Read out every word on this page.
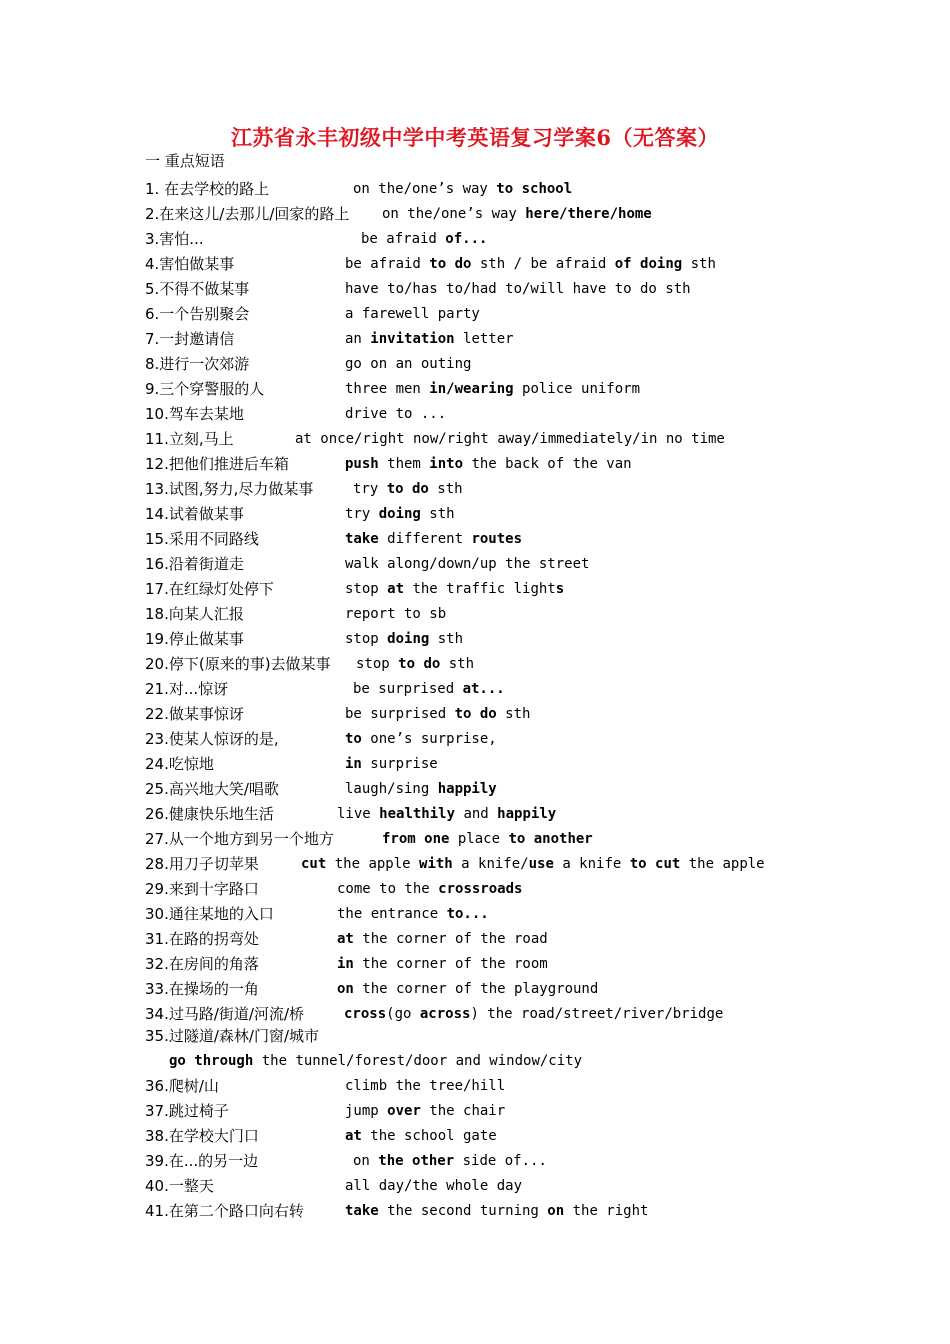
江苏省永丰初级中学中考英语复习学案6（无答案）
一 重点短语
1. 在去学校的路上	on the/one’s way to school
2.在来这儿/去那儿/回家的路上 on the/one’s way here/there/home
3.害怕...	be afraid of...
4.害怕做某事	be afraid to do sth / be afraid of doing sth
5.不得不做某事	have to/has to/had to/will have to do sth
6.一个告别聚会	a farewell party
7.一封邀请信	an invitation letter
8.进行一次郊游	go on an outing
9.三个穿警服的人	three men in/wearing police uniform
10.驾车去某地	drive to ...
11.立刻,马上	at once/right now/right away/immediately/in no time
12.把他们推进后车箱	push them into the back of the van
13.试图,努力,尽力做某事	try to do sth
14.试着做某事	try doing sth
15.采用不同路线	take different routes
16.沿着街道走	walk along/down/up the street
17.在红绿灯处停下	stop at the traffic lights
18.向某人汇报	report to sb
19.停止做某事	stop doing sth
20.停下(原来的事)去做某事 stop to do sth
21.对...惊讶	be surprised at...
22.做某事惊讶	be surprised to do sth
23.使某人惊讶的是,	to one’s surprise,
24.吃惊地	in surprise
25.高兴地大笑/唱歌	laugh/sing happily
26.健康快乐地生活	live healthily and happily
27.从一个地方到另一个地方	from one place to another
28.用刀子切苹果	cut the apple with a knife/use a knife to cut the apple
29.来到十字路口	come to the crossroads
30.通往某地的入口	the entrance to...
31.在路的拐弯处	at the corner of the road
32.在房间的角落	in the corner of the room
33.在操场的一角	on the corner of the playground
34.过马路/街道/河流/桥	cross(go across) the road/street/river/bridge
35.过隧道/森林/门窗/城市
go through the tunnel/forest/door and window/city
36.爬树/山	climb the tree/hill
37.跳过椅子	jump over the chair
38.在学校大门口	at the school gate
39.在...的另一边	on the other side of...
40.一整天	all day/the whole day
41.在第二个路口向右转	take the second turning on the right
